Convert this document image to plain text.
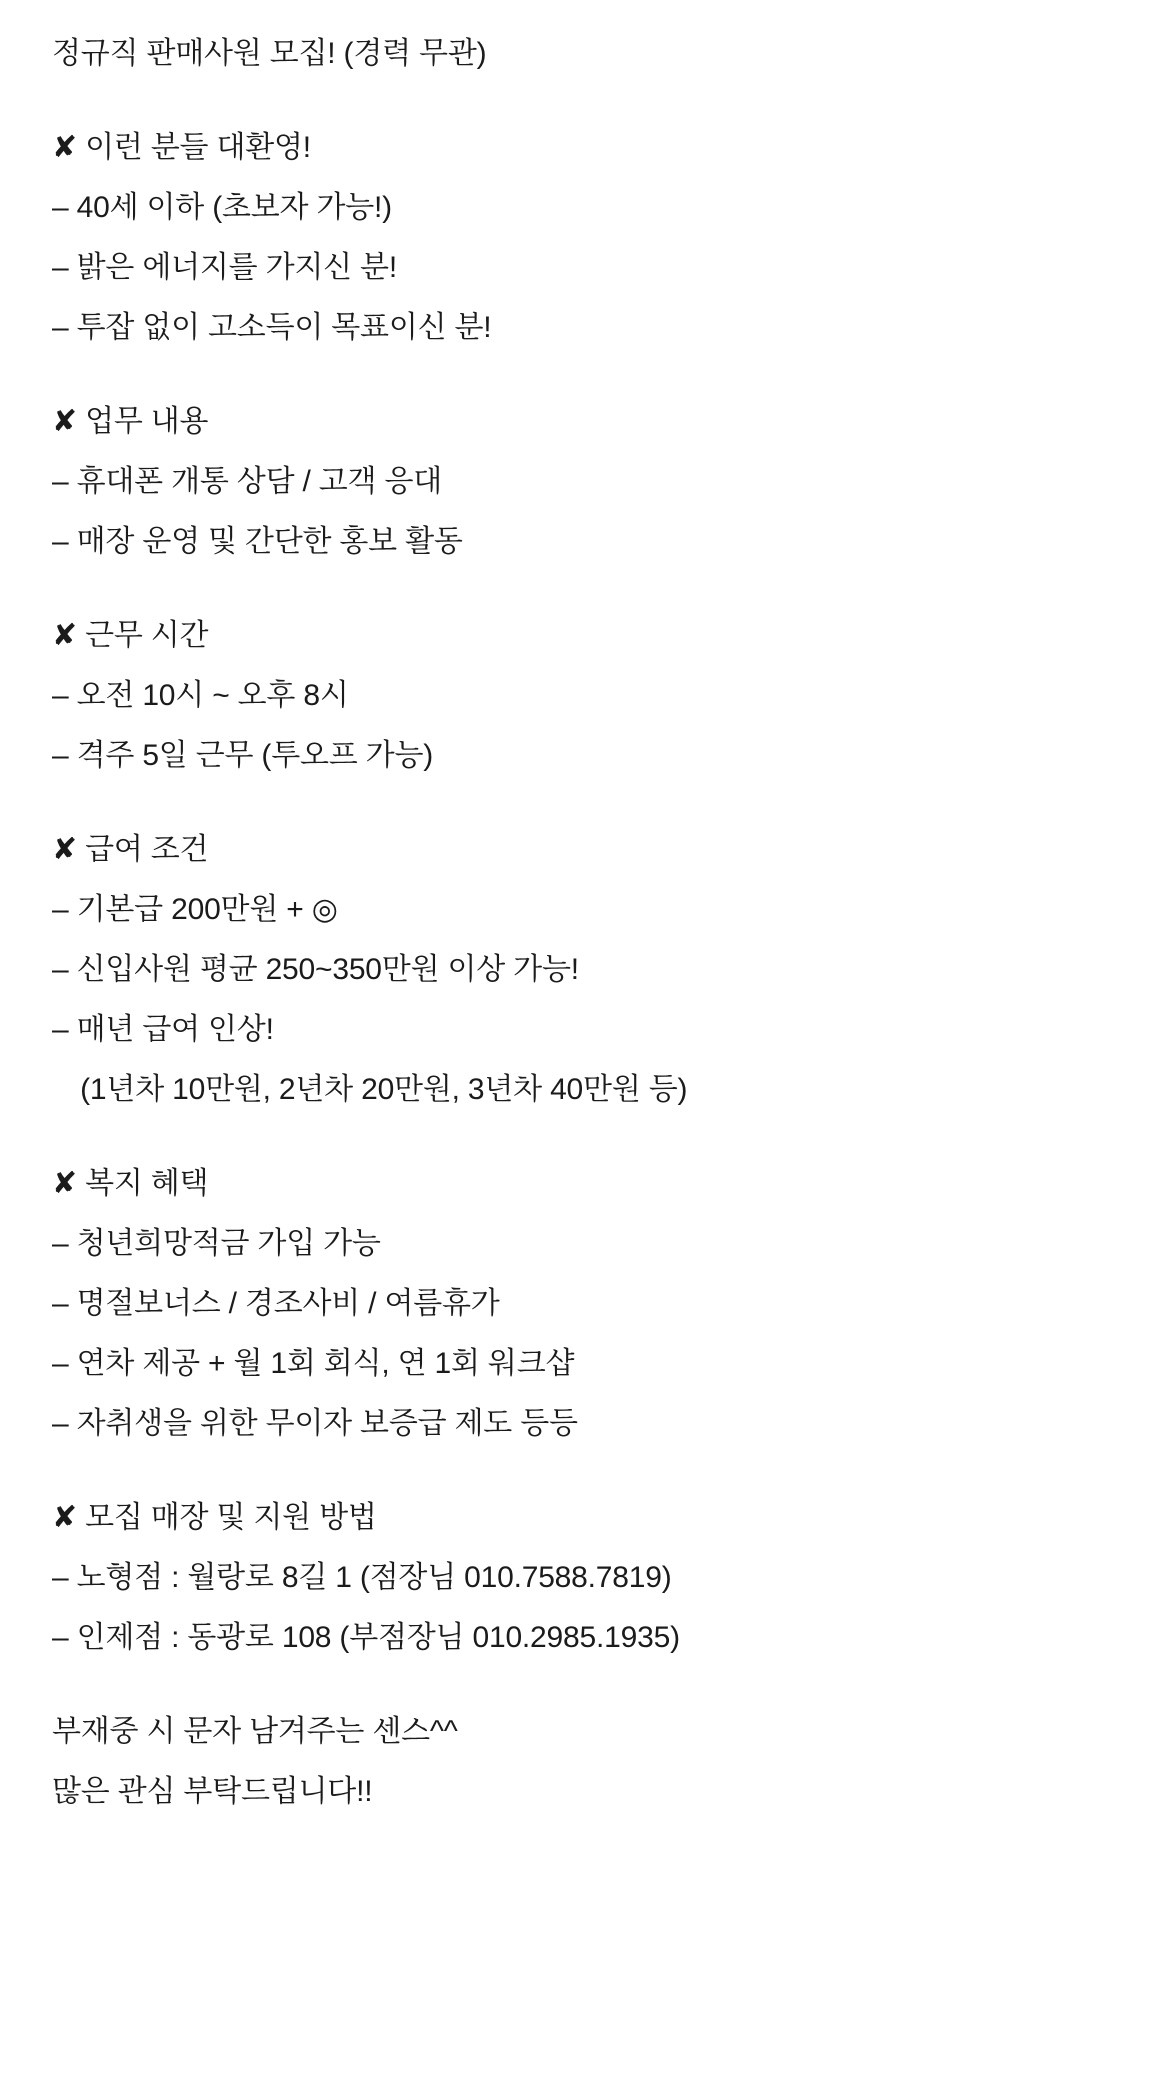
정규직 판매사원 모집! (경력 무관)
✘ 이런 분들 대환영!
– 40세 이하 (초보자 가능!)
– 밝은 에너지를 가지신 분!
– 투잡 없이 고소득이 목표이신 분!
✘ 업무 내용
– 휴대폰 개통 상담 / 고객 응대
– 매장 운영 및 간단한 홍보 활동
✘ 근무 시간
– 오전 10시 ~ 오후 8시
– 격주 5일 근무 (투오프 가능)
✘ 급여 조건
– 기본급 200만원 + ◎
– 신입사원 평균 250~350만원 이상 가능!
– 매년 급여 인상!
(1년차 10만원, 2년차 20만원, 3년차 40만원 등)
✘ 복지 혜택
– 청년희망적금 가입 가능
– 명절보너스 / 경조사비 / 여름휴가
– 연차 제공 + 월 1회 회식, 연 1회 워크샵
– 자취생을 위한 무이자 보증급 제도 등등
✘ 모집 매장 및 지원 방법
– 노형점 : 월랑로 8길 1 (점장님 010.7588.7819)
– 인제점 : 동광로 108 (부점장님 010.2985.1935)
부재중 시 문자 남겨주는 센스^^
많은 관심 부탁드립니다!!
